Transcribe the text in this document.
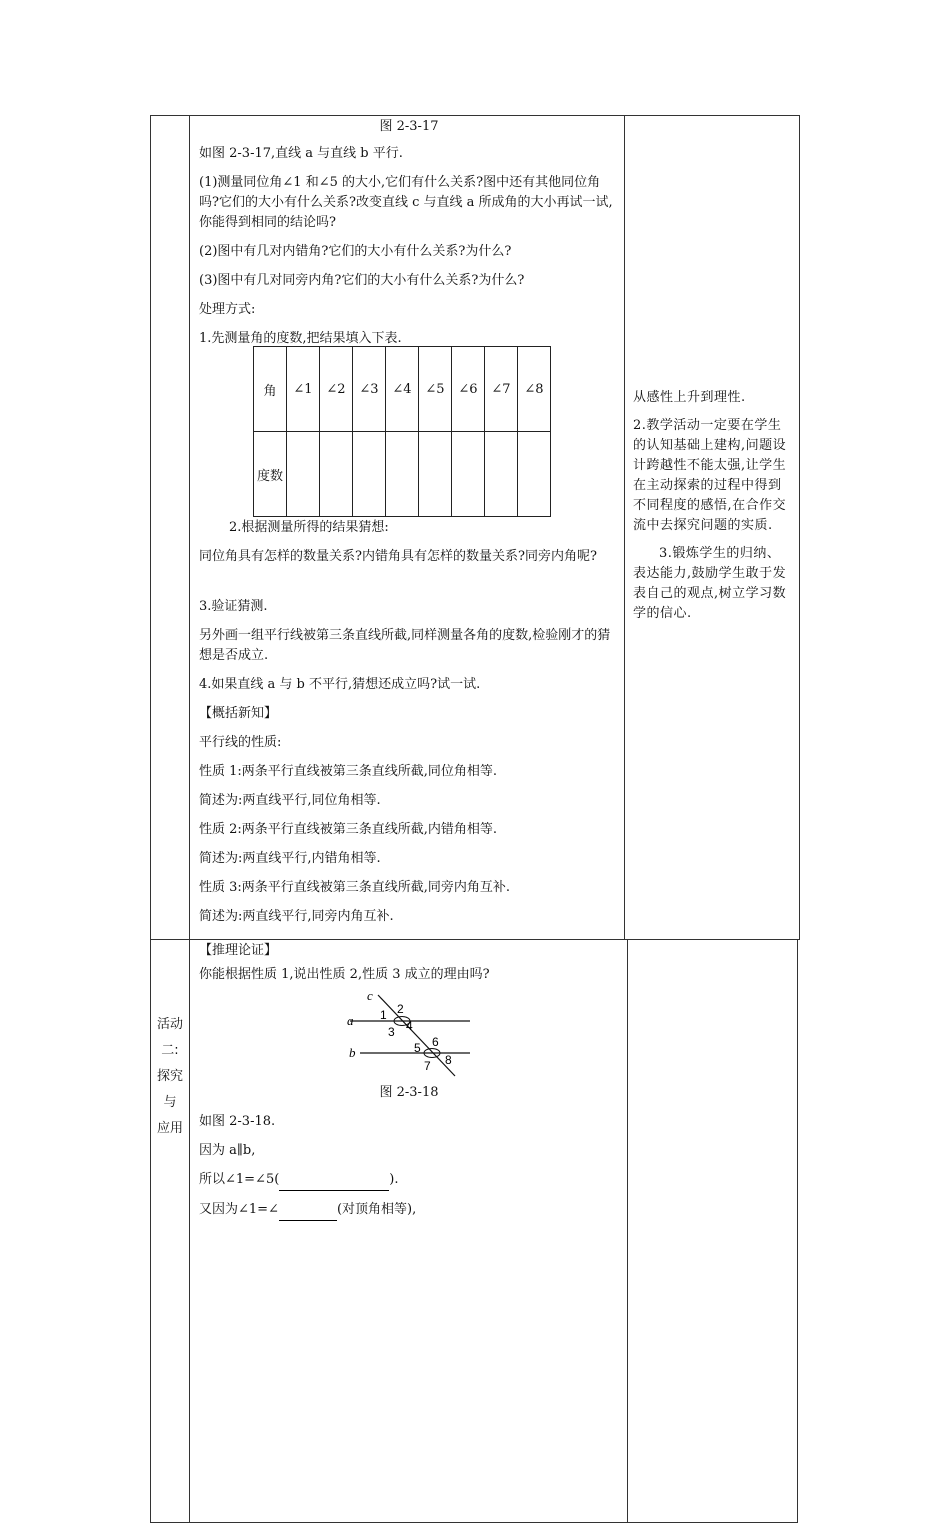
图 2-3-17

如图 2-3-17,直线 a 与直线 b 平行.

(1)测量同位角∠1 和∠5 的大小,它们有什么关系?图中还有其他同位角吗?它们的大小有什么关系?改变直线 c 与直线 a 所成角的大小再试一试,你能得到相同的结论吗?

(2)图中有几对内错角?它们的大小有什么关系?为什么?

(3)图中有几对同旁内角?它们的大小有什么关系?为什么?

处理方式:

1.先测量角的度数,把结果填入下表.

角	∠1	∠2	∠3	∠4	∠5	∠6	∠7	∠8
度数								

2.根据测量所得的结果猜想:

同位角具有怎样的数量关系?内错角具有怎样的数量关系?同旁内角呢?

3.验证猜测.

另外画一组平行线被第三条直线所截,同样测量各角的度数,检验刚才的猜想是否成立.

4.如果直线 a 与 b 不平行,猜想还成立吗?试一试.

【概括新知】

平行线的性质:

性质 1:两条平行直线被第三条直线所截,同位角相等.

简述为:两直线平行,同位角相等.

性质 2:两条平行直线被第三条直线所截,内错角相等.

简述为:两直线平行,内错角相等.

性质 3:两条平行直线被第三条直线所截,同旁内角互补.

简述为:两直线平行,同旁内角互补.

从感性上升到理性.

2.教学活动一定要在学生的认知基础上建构,问题设计跨越性不能太强,让学生在主动探索的过程中得到不同程度的感悟,在合作交流中去探究问题的实质.

3.锻炼学生的归纳、表达能力,鼓励学生敢于发表自己的观点,树立学习数学的信心.

活动
二:
探究
与
应用

【推理论证】

你能根据性质 1,说出性质 2,性质 3 成立的理由吗?

c
a
b
1 2
3 4
5 6
7 8
图 2-3-18

如图 2-3-18.

因为 a∥b,

所以∠1=∠5(	).

又因为∠1=∠	(对顶角相等),
